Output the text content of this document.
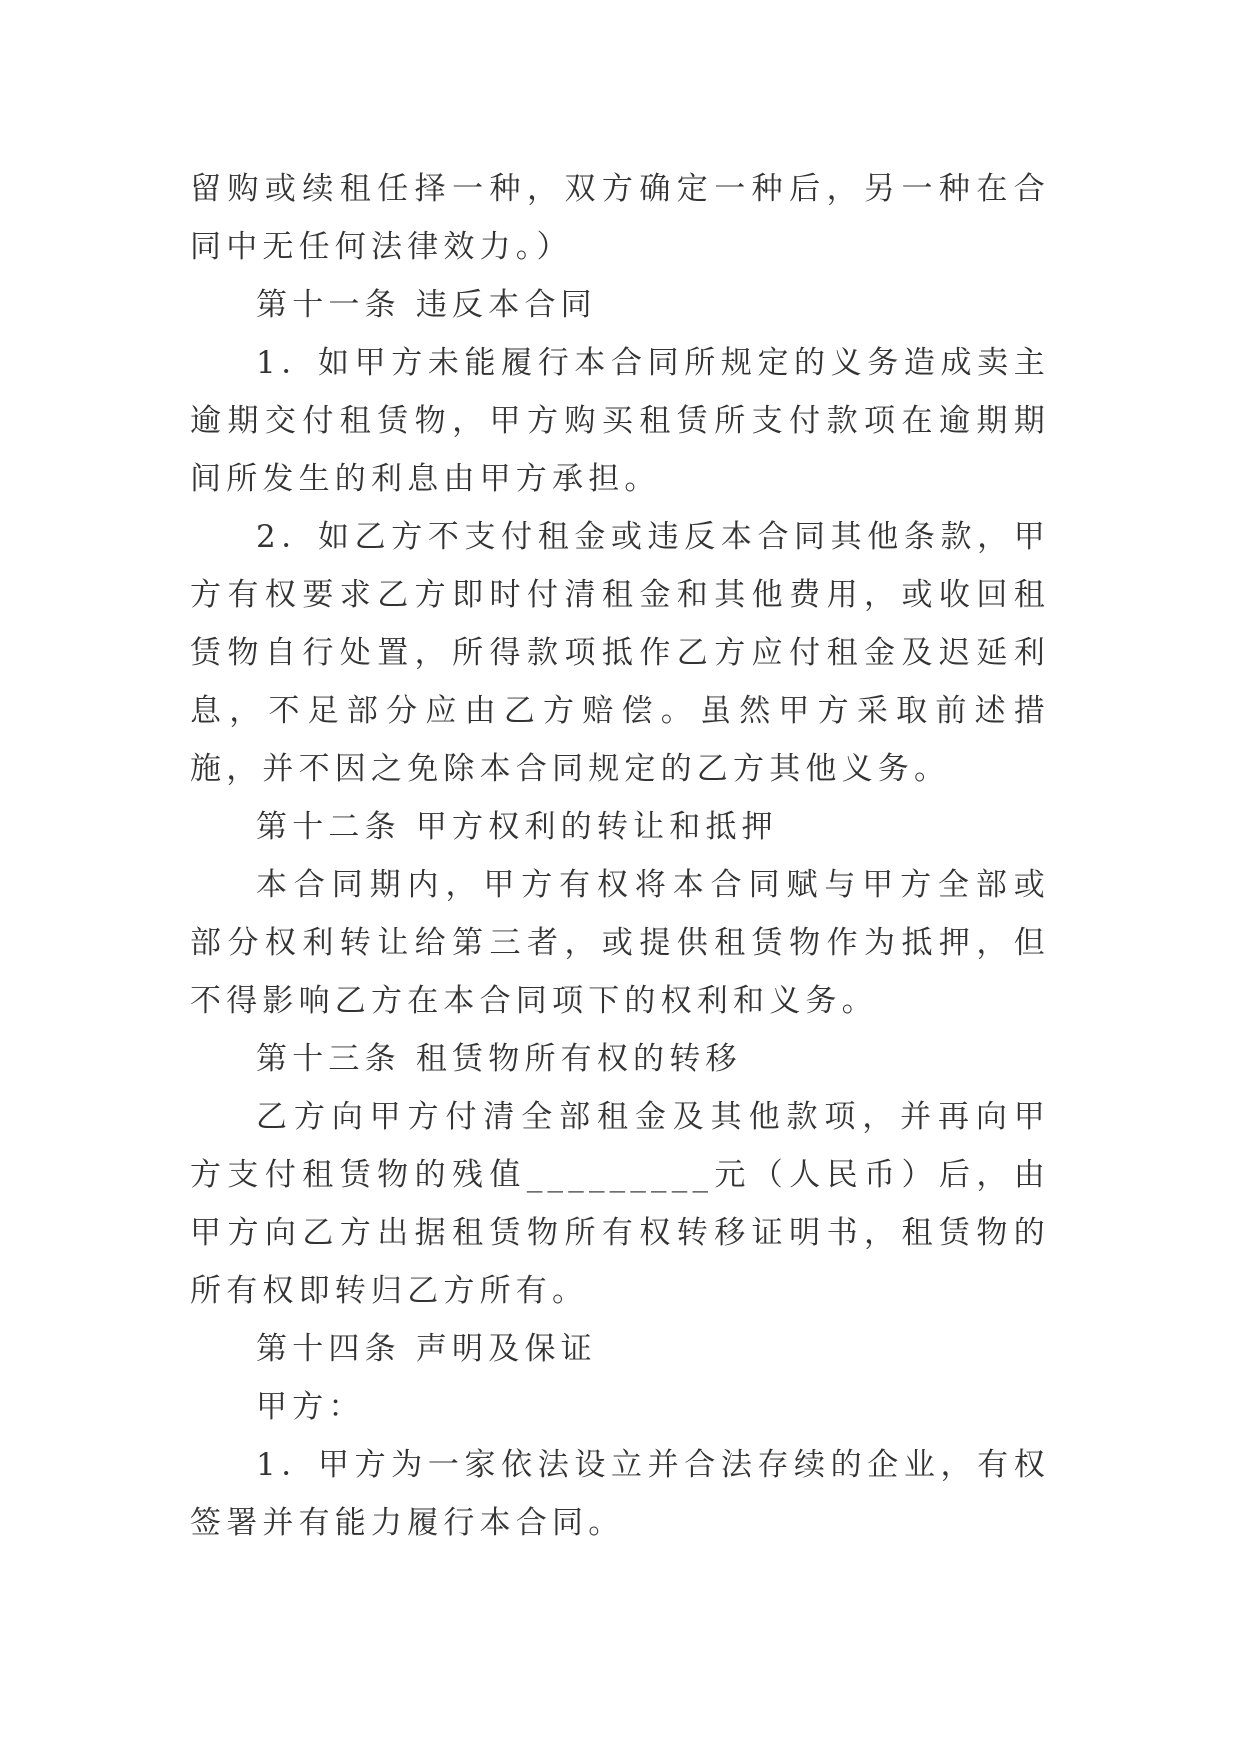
留购或续租任择一种，双方确定一种后，另一种在合同中无任何法律效力。）

第十一条 违反本合同

1．如甲方未能履行本合同所规定的义务造成卖主逾期交付租赁物，甲方购买租赁所支付款项在逾期期间所发生的利息由甲方承担。

2．如乙方不支付租金或违反本合同其他条款，甲方有权要求乙方即时付清租金和其他费用，或收回租赁物自行处置，所得款项抵作乙方应付租金及迟延利息，不足部分应由乙方赔偿。虽然甲方采取前述措施，并不因之免除本合同规定的乙方其他义务。

第十二条 甲方权利的转让和抵押

本合同期内，甲方有权将本合同赋与甲方全部或部分权利转让给第三者，或提供租赁物作为抵押，但不得影响乙方在本合同项下的权利和义务。

第十三条 租赁物所有权的转移

乙方向甲方付清全部租金及其他款项，并再向甲方支付租赁物的残值_________元（人民币）后，由甲方向乙方出据租赁物所有权转移证明书，租赁物的所有权即转归乙方所有。

第十四条 声明及保证

甲方：

1．甲方为一家依法设立并合法存续的企业，有权签署并有能力履行本合同。
